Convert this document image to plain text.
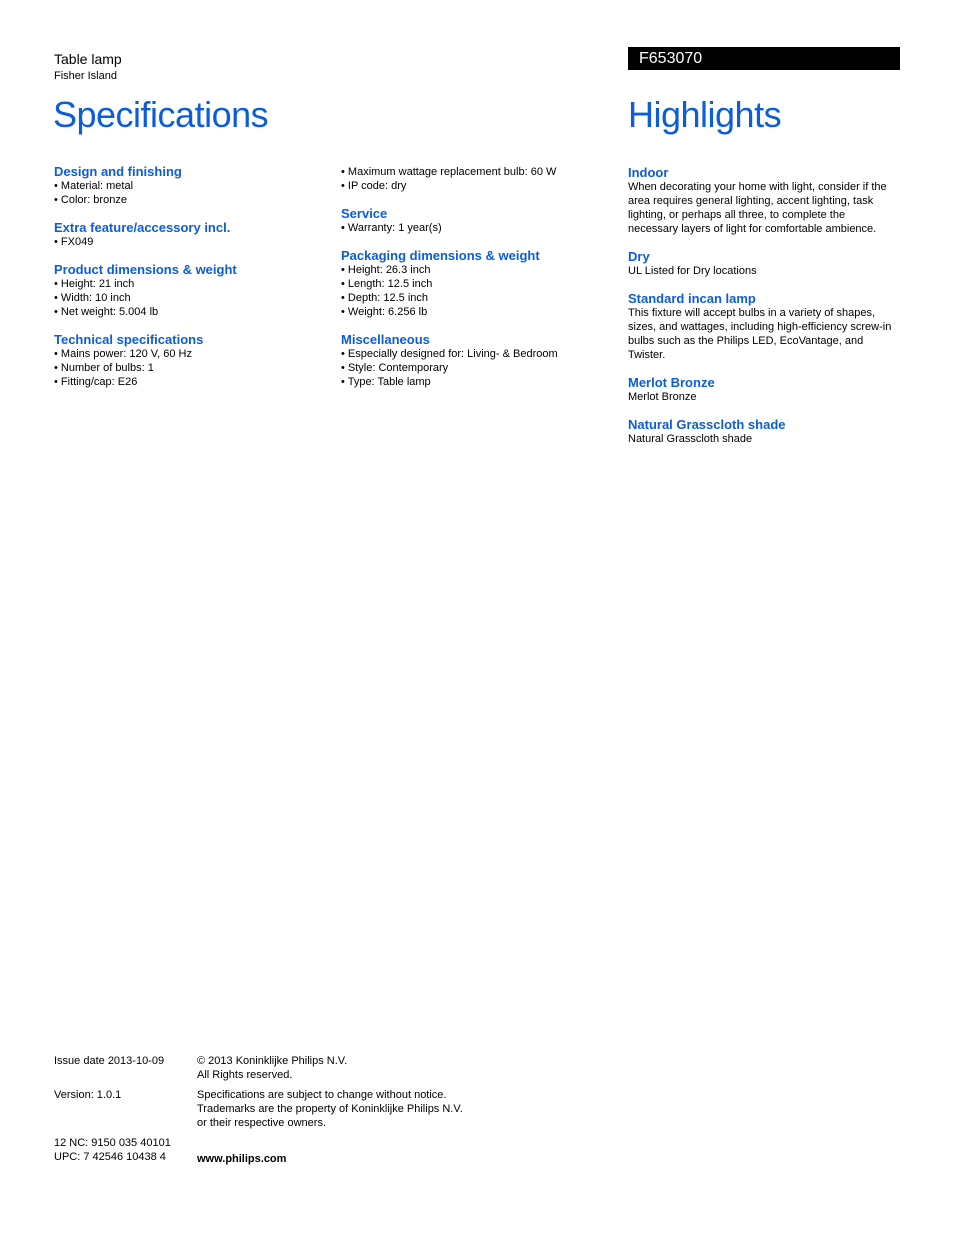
Table lamp
Fisher Island
F653070
Specifications	Highlights
Design and finishing
• Material: metal
• Color: bronze
Extra feature/accessory incl.
• FX049
Product dimensions & weight
• Height: 21 inch
• Width: 10 inch
• Net weight: 5.004 lb
Technical specifications
• Mains power: 120 V, 60 Hz
• Number of bulbs: 1
• Fitting/cap: E26
• Maximum wattage replacement bulb: 60 W
• IP code: dry
Service
• Warranty: 1 year(s)
Packaging dimensions & weight
• Height: 26.3 inch
• Length: 12.5 inch
• Depth: 12.5 inch
• Weight: 6.256 lb
Miscellaneous
• Especially designed for: Living- & Bedroom
• Style: Contemporary
• Type: Table lamp
Indoor
When decorating your home with light, consider if the
area requires general lighting, accent lighting, task
lighting, or perhaps all three, to complete the
necessary layers of light for comfortable ambience.
Dry
UL Listed for Dry locations
Standard incan lamp
This fixture will accept bulbs in a variety of shapes,
sizes, and wattages, including high-efficiency screw-in
bulbs such as the Philips LED, EcoVantage, and
Twister.
Merlot Bronze
Merlot Bronze
Natural Grasscloth shade
Natural Grasscloth shade
Issue date 2013-10-09
Version: 1.0.1
12 NC: 9150 035 40101
UPC: 7 42546 10438 4
© 2013 Koninklijke Philips N.V.
All Rights reserved.
Specifications are subject to change without notice.
Trademarks are the property of Koninklijke Philips N.V.
or their respective owners.
www.philips.com
